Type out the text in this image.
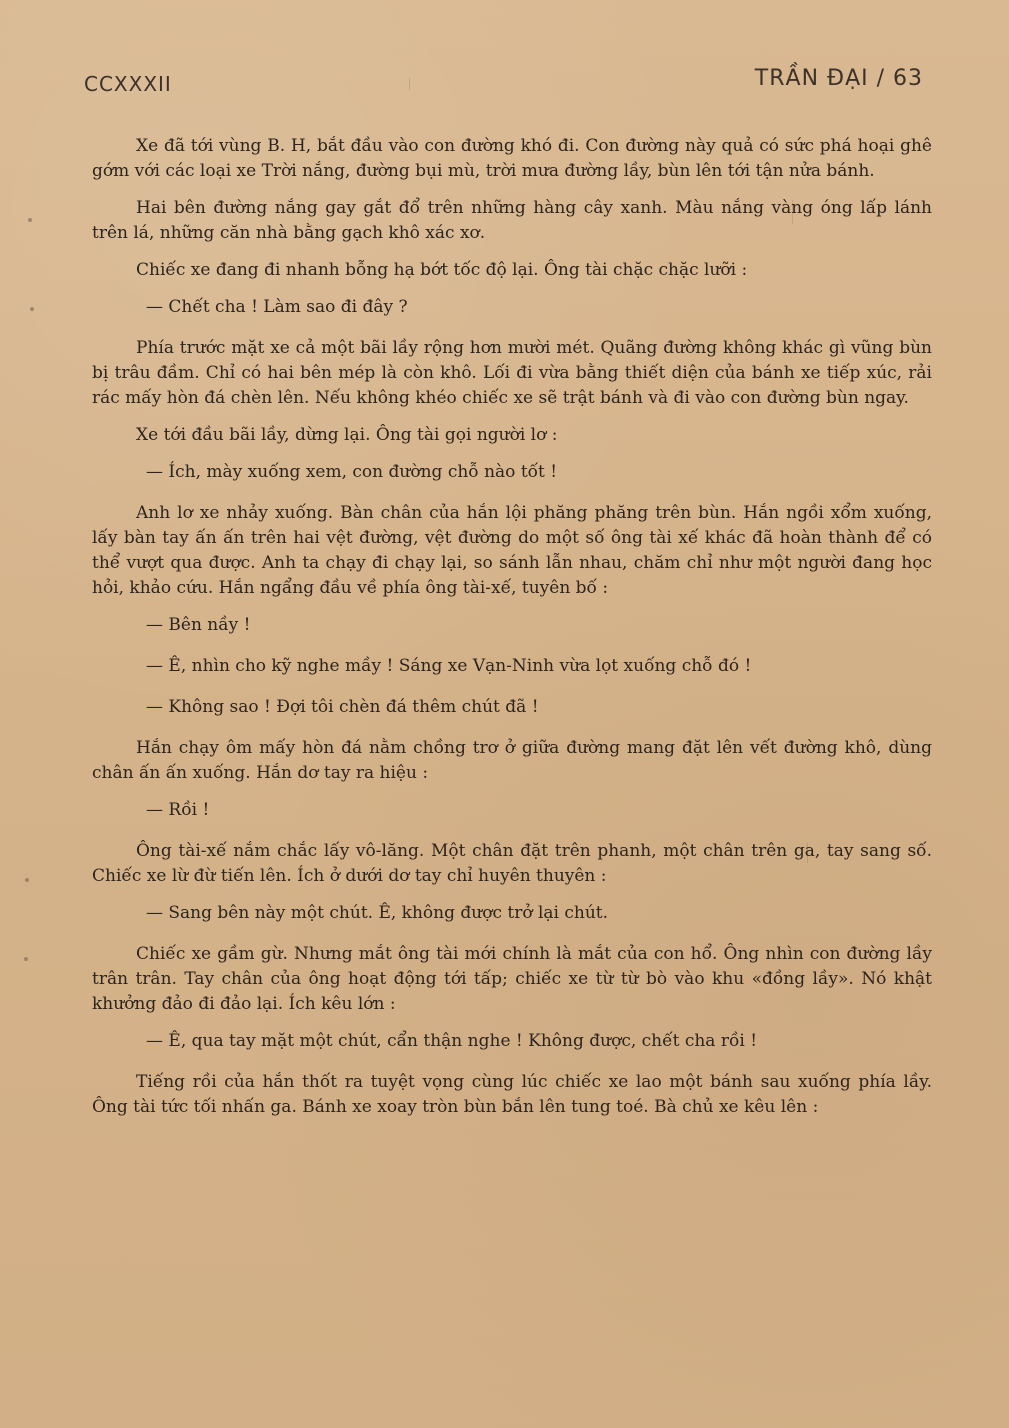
CCXXXII	TRẦN ĐẠI / 63

Xe đã tới vùng B. H, bắt đầu vào con đường khó đi. Con đường này quả có sức phá hoại ghê gớm với các loại xe Trời nắng, đường bụi mù, trời mưa đường lầy, bùn lên tới tận nửa bánh.

Hai bên đường nắng gay gắt đổ trên những hàng cây xanh. Màu nắng vàng óng lấp lánh trên lá, những căn nhà bằng gạch khô xác xơ.

Chiếc xe đang đi nhanh bỗng hạ bớt tốc độ lại. Ông tài chặc chặc lưỡi :

— Chết cha ! Làm sao đi đây ?

Phía trước mặt xe cả một bãi lầy rộng hơn mười mét. Quãng đường không khác gì vũng bùn bị trâu đầm. Chỉ có hai bên mép là còn khô. Lối đi vừa bằng thiết diện của bánh xe tiếp xúc, rải rác mấy hòn đá chèn lên. Nếu không khéo chiếc xe sẽ trật bánh và đi vào con đường bùn ngay.

Xe tới đầu bãi lầy, dừng lại. Ông tài gọi người lơ :

— Ích, mày xuống xem, con đường chỗ nào tốt !

Anh lơ xe nhảy xuống. Bàn chân của hắn lội phăng phăng trên bùn. Hắn ngồi xổm xuống, lấy bàn tay ấn ấn trên hai vệt đường, vệt đường do một số ông tài xế khác đã hoàn thành để có thể vượt qua được. Anh ta chạy đi chạy lại, so sánh lẫn nhau, chăm chỉ như một người đang học hỏi, khảo cứu. Hắn ngẩng đầu về phía ông tài-xế, tuyên bố :

— Bên nầy !

— Ê, nhìn cho kỹ nghe mầy ! Sáng xe Vạn-Ninh vừa lọt xuống chỗ đó !

— Không sao ! Đợi tôi chèn đá thêm chút đã !

Hắn chạy ôm mấy hòn đá nằm chồng trơ ở giữa đường mang đặt lên vết đường khô, dùng chân ấn ấn xuống. Hắn dơ tay ra hiệu :

— Rồi !

Ông tài-xế nắm chắc lấy vô-lăng. Một chân đặt trên phanh, một chân trên ga, tay sang số. Chiếc xe lừ đừ tiến lên. Ích ở dưới dơ tay chỉ huyên thuyên :

— Sang bên này một chút. Ê, không được trở lại chút.

Chiếc xe gầm gừ. Nhưng mắt ông tài mới chính là mắt của con hổ. Ông nhìn con đường lầy trân trân. Tay chân của ông hoạt động tới tấp; chiếc xe từ từ bò vào khu «đồng lầy». Nó khật khưởng đảo đi đảo lại. Ích kêu lớn :

— Ê, qua tay mặt một chút, cẩn thận nghe ! Không được, chết cha rồi !

Tiếng rồi của hắn thốt ra tuyệt vọng cùng lúc chiếc xe lao một bánh sau xuống phía lầy. Ông tài tức tối nhấn ga. Bánh xe xoay tròn bùn bắn lên tung toé. Bà chủ xe kêu lên :
